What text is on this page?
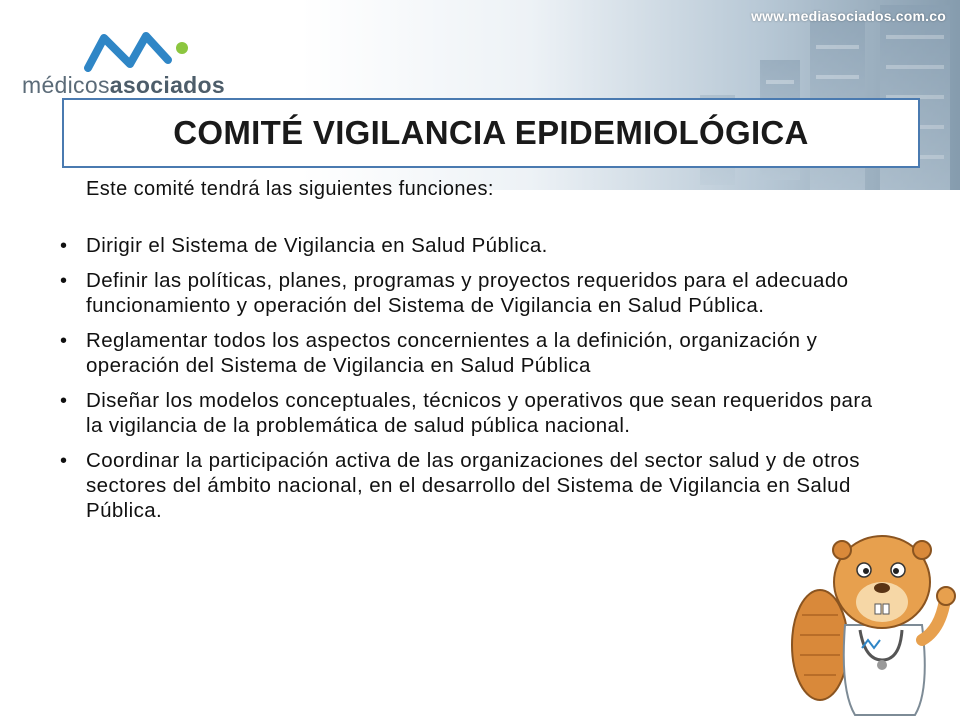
www.mediasociados.com.co
médicosasociados
COMITÉ VIGILANCIA EPIDEMIOLÓGICA
Este comité tendrá las siguientes funciones:
• Dirigir el Sistema de Vigilancia en Salud Pública.
• Definir las políticas, planes, programas y proyectos requeridos para el adecuado funcionamiento y operación del Sistema de Vigilancia en Salud Pública.
• Reglamentar todos los aspectos concernientes a la definición, organización y operación del Sistema de Vigilancia en Salud Pública
• Diseñar los modelos conceptuales, técnicos y operativos que sean requeridos para la vigilancia de la problemática de salud pública nacional.
• Coordinar la participación activa de las organizaciones del sector salud y de otros sectores del ámbito nacional, en el desarrollo del Sistema de Vigilancia en Salud Pública.
